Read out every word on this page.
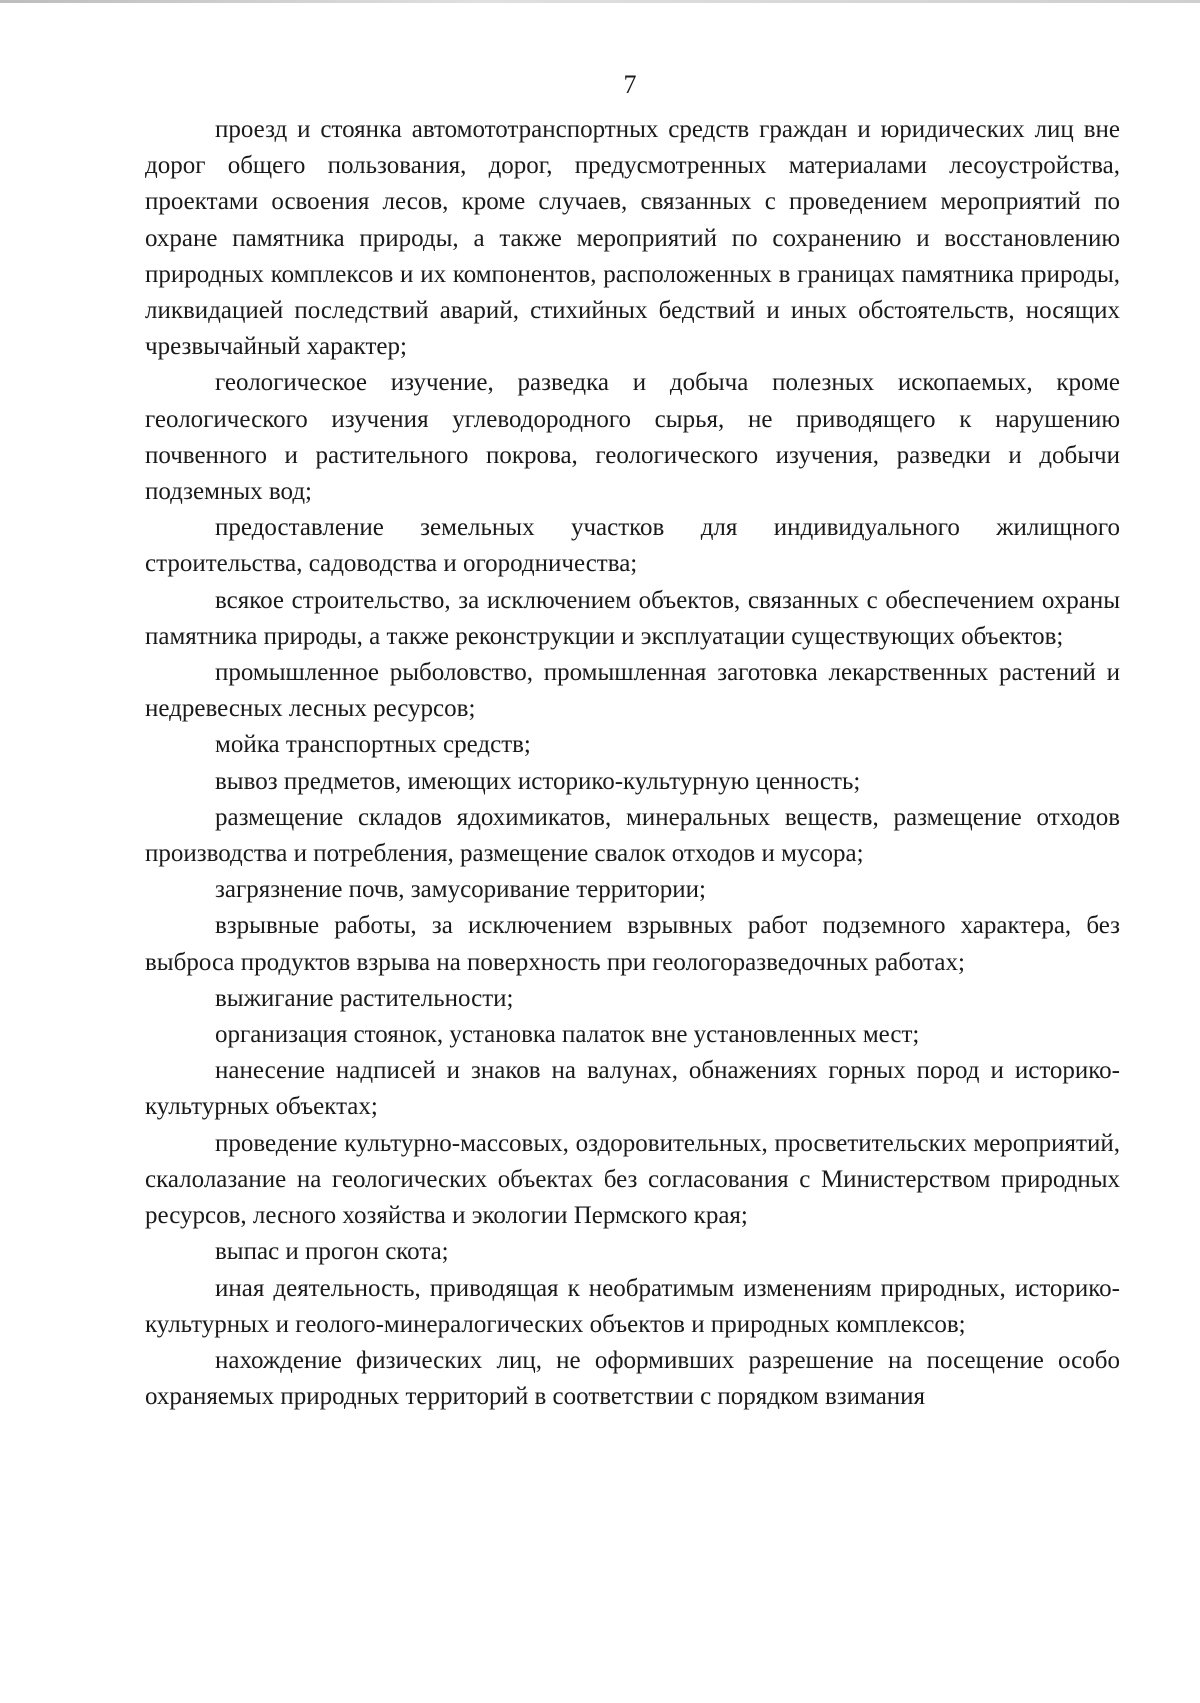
7

проезд и стоянка автомототранспортных средств граждан и юридических лиц вне дорог общего пользования, дорог, предусмотренных материалами лесоустройства, проектами освоения лесов, кроме случаев, связанных с проведением мероприятий по охране памятника природы, а также мероприятий по сохранению и восстановлению природных комплексов и их компонентов, расположенных в границах памятника природы, ликвидацией последствий аварий, стихийных бедствий и иных обстоятельств, носящих чрезвычайный характер;

геологическое изучение, разведка и добыча полезных ископаемых, кроме геологического изучения углеводородного сырья, не приводящего к нарушению почвенного и растительного покрова, геологического изучения, разведки и добычи подземных вод;

предоставление земельных участков для индивидуального жилищного строительства, садоводства и огородничества;

всякое строительство, за исключением объектов, связанных с обеспечением охраны памятника природы, а также реконструкции и эксплуатации существующих объектов;

промышленное рыболовство, промышленная заготовка лекарственных растений и недревесных лесных ресурсов;

мойка транспортных средств;

вывоз предметов, имеющих историко-культурную ценность;

размещение складов ядохимикатов, минеральных веществ, размещение отходов производства и потребления, размещение свалок отходов и мусора;

загрязнение почв, замусоривание территории;

взрывные работы, за исключением взрывных работ подземного характера, без выброса продуктов взрыва на поверхность при геологоразведочных работах;

выжигание растительности;

организация стоянок, установка палаток вне установленных мест;

нанесение надписей и знаков на валунах, обнажениях горных пород и историко-культурных объектах;

проведение культурно-массовых, оздоровительных, просветительских мероприятий, скалолазание на геологических объектах без согласования с Министерством природных ресурсов, лесного хозяйства и экологии Пермского края;

выпас и прогон скота;

иная деятельность, приводящая к необратимым изменениям природных, историко-культурных и геолого-минералогических объектов и природных комплексов;

нахождение физических лиц, не оформивших разрешение на посещение особо охраняемых природных территорий в соответствии с порядком взимания
